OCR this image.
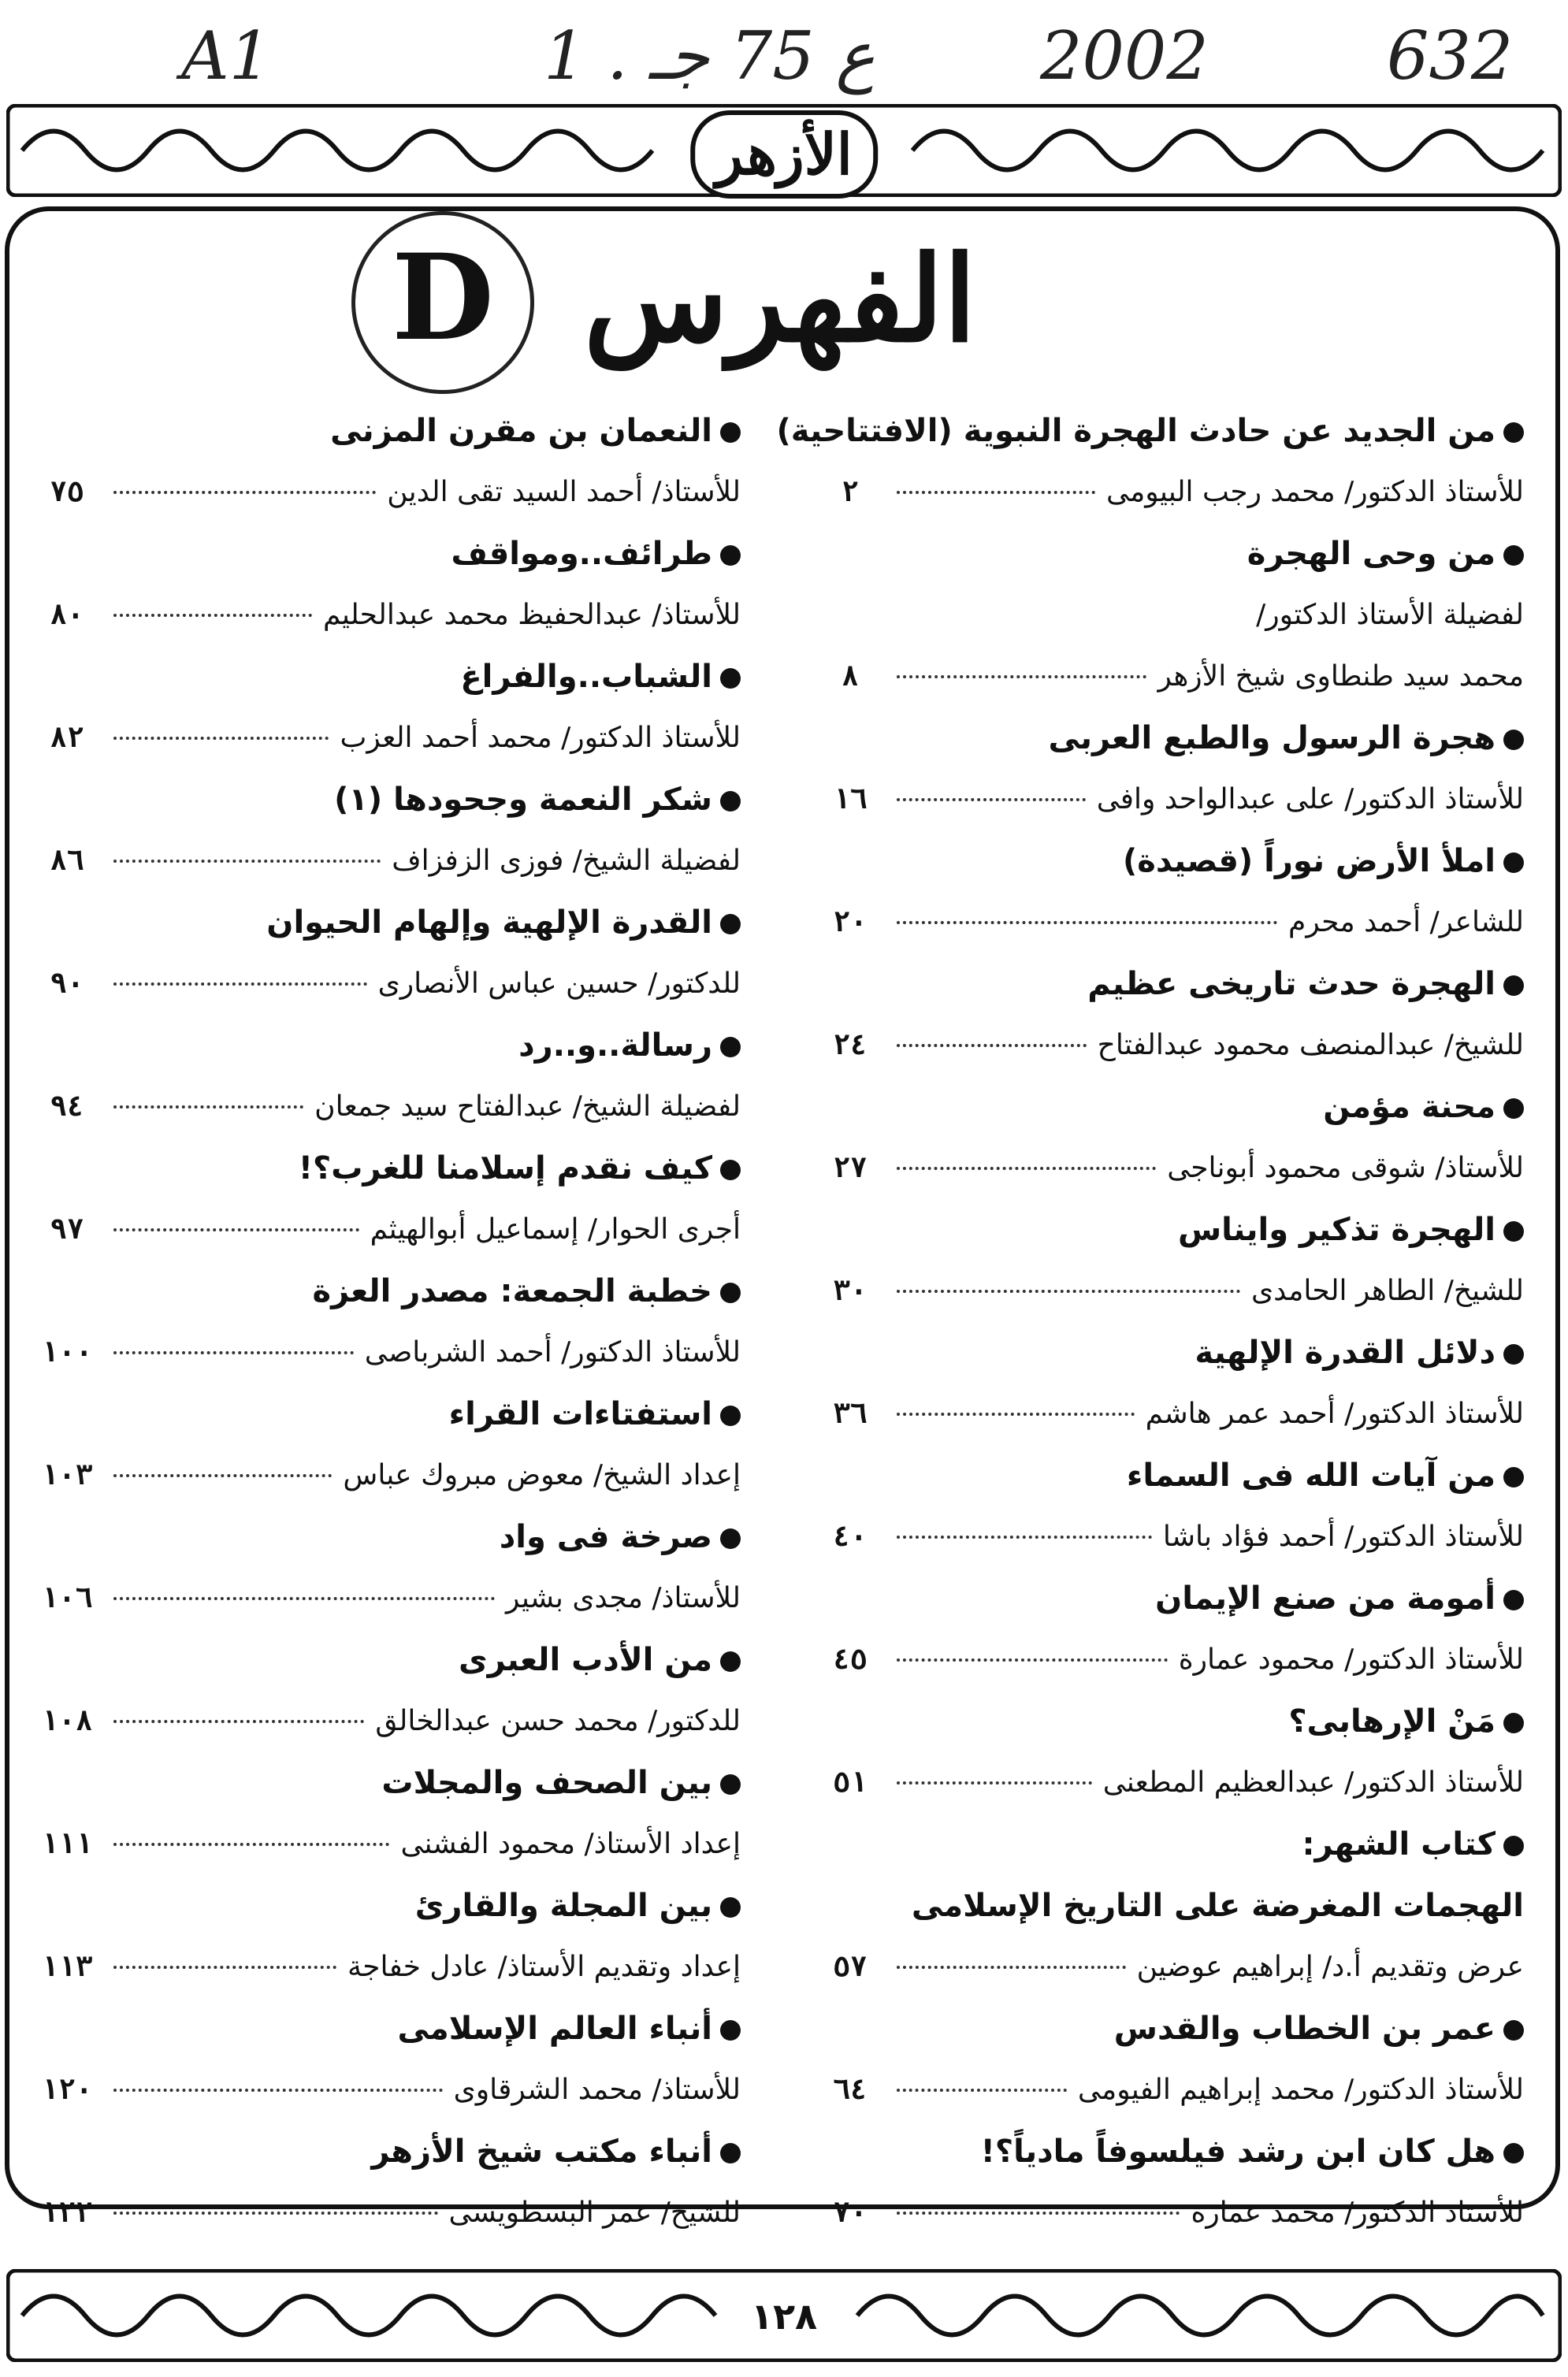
A1	1 . ع 75 جـ 2002	632
الأزهر
D الفهرس
من الجديد عن حادث الهجرة النبوية (الافتتاحية)
للأستاذ الدكتور/ محمد رجب البيومى
٢
من وحى الهجرة
لفضيلة الأستاذ الدكتور/
محمد سيد طنطاوى شيخ الأزهر
٨
هجرة الرسول والطبع العربى
للأستاذ الدكتور/ على عبدالواحد وافى
١٦
املأ الأرض نوراً (قصيدة)
للشاعر/ أحمد محرم
٢٠
الهجرة حدث تاريخى عظيم
للشيخ/ عبدالمنصف محمود عبدالفتاح
٢٤
محنة مؤمن
للأستاذ/ شوقى محمود أبوناجى
٢٧
الهجرة تذكير وايناس
للشيخ/ الطاهر الحامدى
٣٠
دلائل القدرة الإلهية
للأستاذ الدكتور/ أحمد عمر هاشم
٣٦
من آيات الله فى السماء
للأستاذ الدكتور/ أحمد فؤاد باشا
٤٠
أمومة من صنع الإيمان
للأستاذ الدكتور/ محمود عمارة
٤٥
مَنْ الإرهابى؟
للأستاذ الدكتور/ عبدالعظيم المطعنى
٥١
كتاب الشهر:
الهجمات المغرضة على التاريخ الإسلامى
عرض وتقديم أ.د/ إبراهيم عوضين
٥٧
عمر بن الخطاب والقدس
للأستاذ الدكتور/ محمد إبراهيم الفيومى
٦٤
هل كان ابن رشد فيلسوفاً مادياً؟!
للأستاذ الدكتور/ محمد عمارة
٧٠
النعمان بن مقرن المزنى
للأستاذ/ أحمد السيد تقى الدين
٧٥
طرائف..ومواقف
للأستاذ/ عبدالحفيظ محمد عبدالحليم
٨٠
الشباب..والفراغ
للأستاذ الدكتور/ محمد أحمد العزب
٨٢
شكر النعمة وجحودها (١)
لفضيلة الشيخ/ فوزى الزفزاف
٨٦
القدرة الإلهية وإلهام الحيوان
للدكتور/ حسين عباس الأنصارى
٩٠
رسالة..و..رد
لفضيلة الشيخ/ عبدالفتاح سيد جمعان
٩٤
كيف نقدم إسلامنا للغرب؟!
أجرى الحوار/ إسماعيل أبوالهيثم
٩٧
خطبة الجمعة: مصدر العزة
للأستاذ الدكتور/ أحمد الشرباصى
١٠٠
استفتاءات القراء
إعداد الشيخ/ معوض مبروك عباس
١٠٣
صرخة فى واد
للأستاذ/ مجدى بشير
١٠٦
من الأدب العبرى
للدكتور/ محمد حسن عبدالخالق
١٠٨
بين الصحف والمجلات
إعداد الأستاذ/ محمود الفشنى
١١١
بين المجلة والقارئ
إعداد وتقديم الأستاذ/ عادل خفاجة
١١٣
أنباء العالم الإسلامى
للأستاذ/ محمد الشرقاوى
١٢٠
أنباء مكتب شيخ الأزهر
للشيخ/ عمر البسطويسى
١٢٢
١٢٨
